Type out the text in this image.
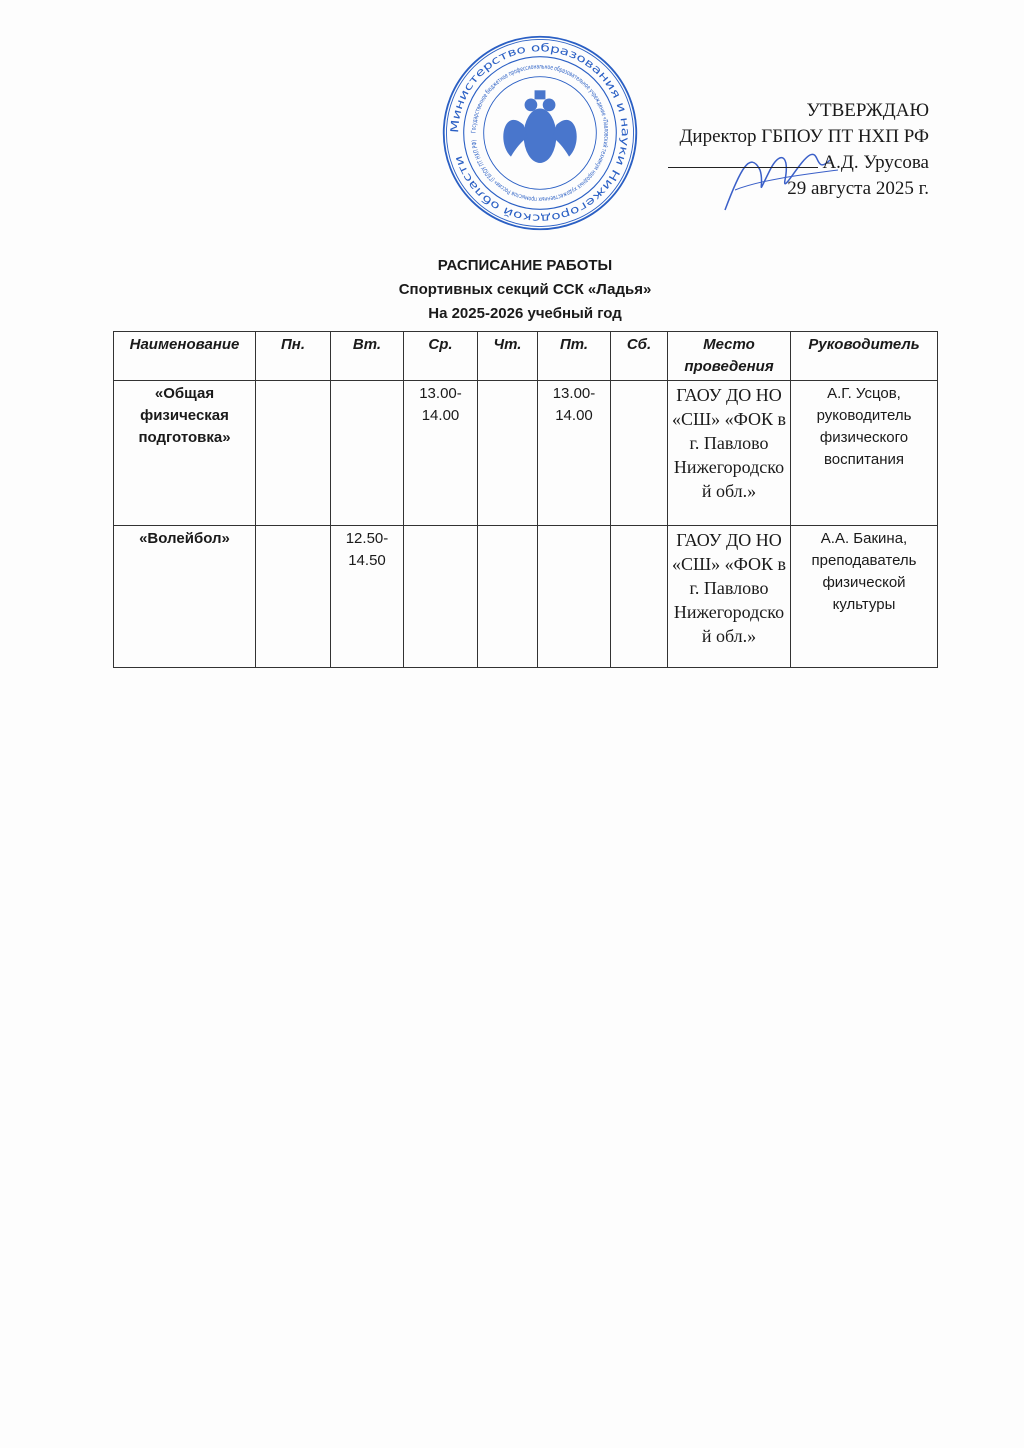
УТВЕРЖДАЮ
Директор ГБПОУ ПТ НХП РФ
А.Д. Урусова
29 августа 2025 г.
Министерство образования и науки Нижегородской области
Государственное бюджетное профессиональное образовательное учреждение «Павловский техникум народных художественных промыслов России» (ГБПОУ ПТ НХП РФ)
РАСПИСАНИЕ РАБОТЫ
Спортивных секций ССК «Ладья»
На 2025-2026 учебный год
Наименование	Пн.	Вт.	Ср.	Чт.	Пт.	Сб.	Место проведения	Руководитель
«Общая физическая подготовка»			13.00-14.00		13.00-14.00		ГАОУ ДО НО «СШ» «ФОК в г. Павлово Нижегородской обл.»	А.Г. Усцов, руководитель физического воспитания
«Волейбол»		12.50-14.50					ГАОУ ДО НО «СШ» «ФОК в г. Павлово Нижегородской обл.»	А.А. Бакина, преподаватель физической культуры
